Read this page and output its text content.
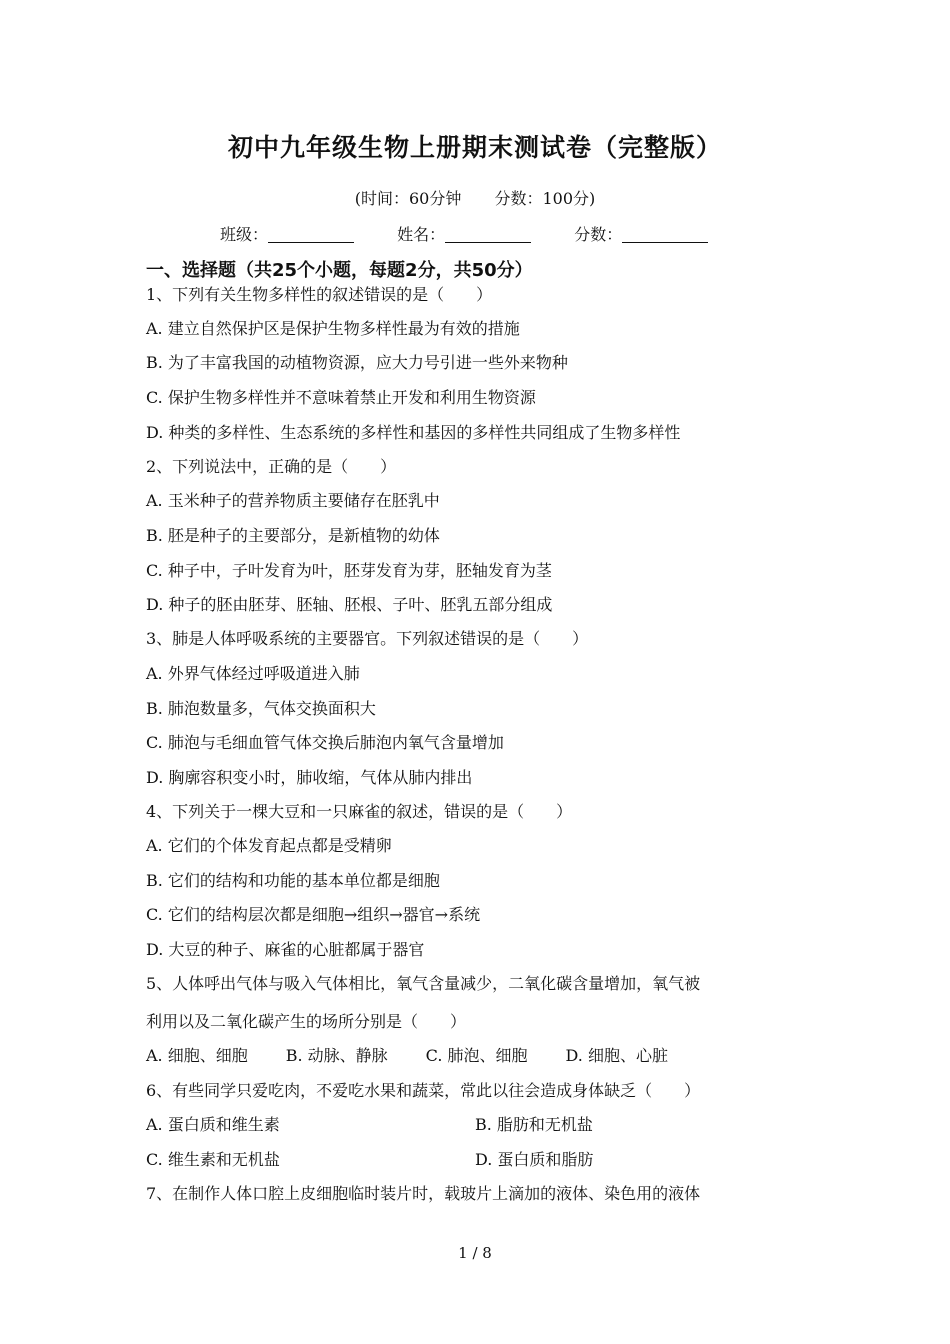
初中九年级生物上册期末测试卷（完整版）
(时间：60分钟 分数：100分)
班级：	姓名：	分数：
一、选择题（共25个小题，每题2分，共50分）
1、下列有关生物多样性的叙述错误的是（　　）
A. 建立自然保护区是保护生物多样性最为有效的措施
B. 为了丰富我国的动植物资源，应大力号引进一些外来物种
C. 保护生物多样性并不意味着禁止开发和利用生物资源
D. 种类的多样性、生态系统的多样性和基因的多样性共同组成了生物多样性
2、下列说法中，正确的是（　　）
A. 玉米种子的营养物质主要储存在胚乳中
B. 胚是种子的主要部分，是新植物的幼体
C. 种子中，子叶发育为叶，胚芽发育为芽，胚轴发育为茎
D. 种子的胚由胚芽、胚轴、胚根、子叶、胚乳五部分组成
3、肺是人体呼吸系统的主要器官。下列叙述错误的是（　　）
A. 外界气体经过呼吸道进入肺
B. 肺泡数量多，气体交换面积大
C. 肺泡与毛细血管气体交换后肺泡内氧气含量增加
D. 胸廓容积变小时，肺收缩，气体从肺内排出
4、下列关于一棵大豆和一只麻雀的叙述，错误的是（　　）
A. 它们的个体发育起点都是受精卵
B. 它们的结构和功能的基本单位都是细胞
C. 它们的结构层次都是细胞→组织→器官→系统
D. 大豆的种子、麻雀的心脏都属于器官
5、人体呼出气体与吸入气体相比，氧气含量减少，二氧化碳含量增加，氧气被
利用以及二氧化碳产生的场所分别是（　　）
A. 细胞、细胞 B. 动脉、静脉 C. 肺泡、细胞 D. 细胞、心脏
6、有些同学只爱吃肉，不爱吃水果和蔬菜，常此以往会造成身体缺乏（　　）
A. 蛋白质和维生素	B. 脂肪和无机盐
C. 维生素和无机盐	D. 蛋白质和脂肪
7、在制作人体口腔上皮细胞临时装片时，载玻片上滴加的液体、染色用的液体
1 / 8
